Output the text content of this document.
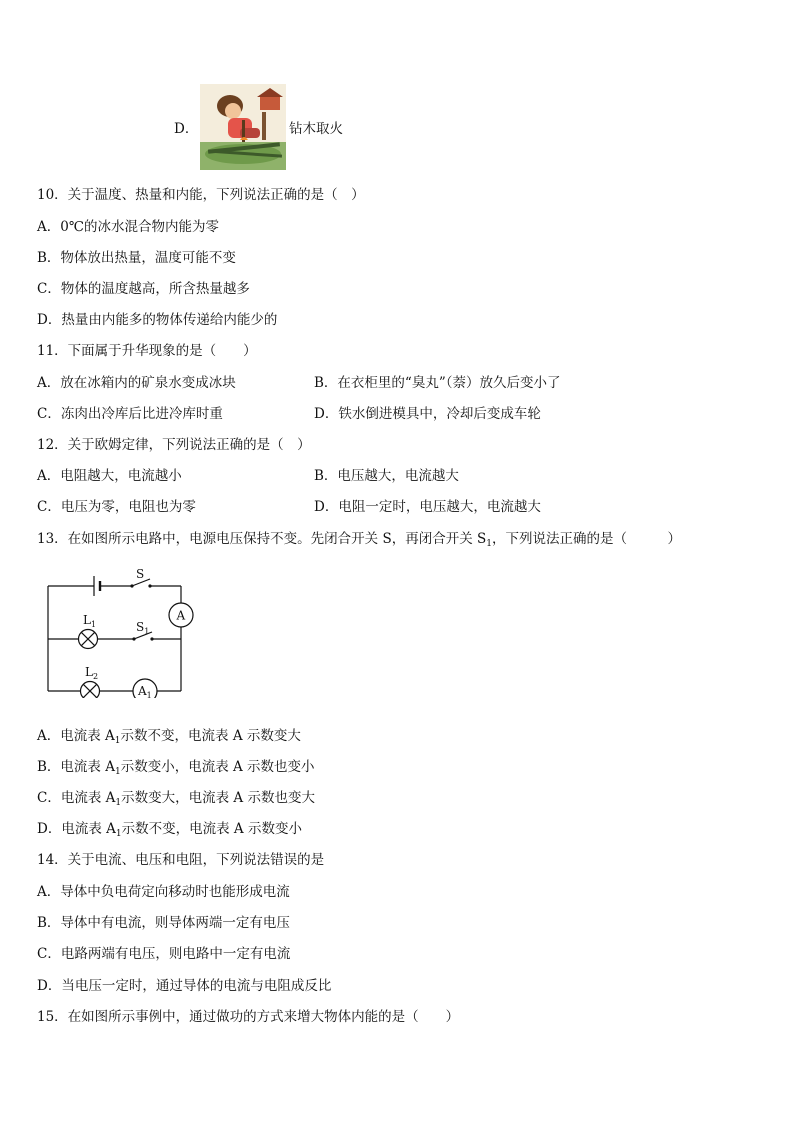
D．	钻木取火
10．关于温度、热量和内能，下列说法正确的是（　）
A．0℃的冰水混合物内能为零
B．物体放出热量，温度可能不变
C．物体的温度越高，所含热量越多
D．热量由内能多的物体传递给内能少的
11．下面属于升华现象的是（　　）
A．放在冰箱内的矿泉水变成冰块	B．在衣柜里的“臭丸”（萘）放久后变小了
C．冻肉出冷库后比进冷库时重	D．铁水倒进模具中，冷却后变成车轮
12．关于欧姆定律，下列说法正确的是（　）
A．电阻越大，电流越小	B．电压越大，电流越大
C．电压为零，电阻也为零	D．电阻一定时，电压越大，电流越大
13．在如图所示电路中，电源电压保持不变。先闭合开关 S，再闭合开关 $S_1$，下列说法正确的是（　　　）
S
$S_1$
$L_1$
$L_2$
A
$A_1$
A．电流表 $A_1$示数不变，电流表 A 示数变大
B．电流表 $A_1$示数变小，电流表 A 示数也变小
C．电流表 $A_1$示数变大，电流表 A 示数也变大
D．电流表 $A_1$示数不变，电流表 A 示数变小
14．关于电流、电压和电阻，下列说法错误的是
A．导体中负电荷定向移动时也能形成电流
B．导体中有电流，则导体两端一定有电压
C．电路两端有电压，则电路中一定有电流
D．当电压一定时，通过导体的电流与电阻成反比
15．在如图所示事例中，通过做功的方式来增大物体内能的是（　　）
